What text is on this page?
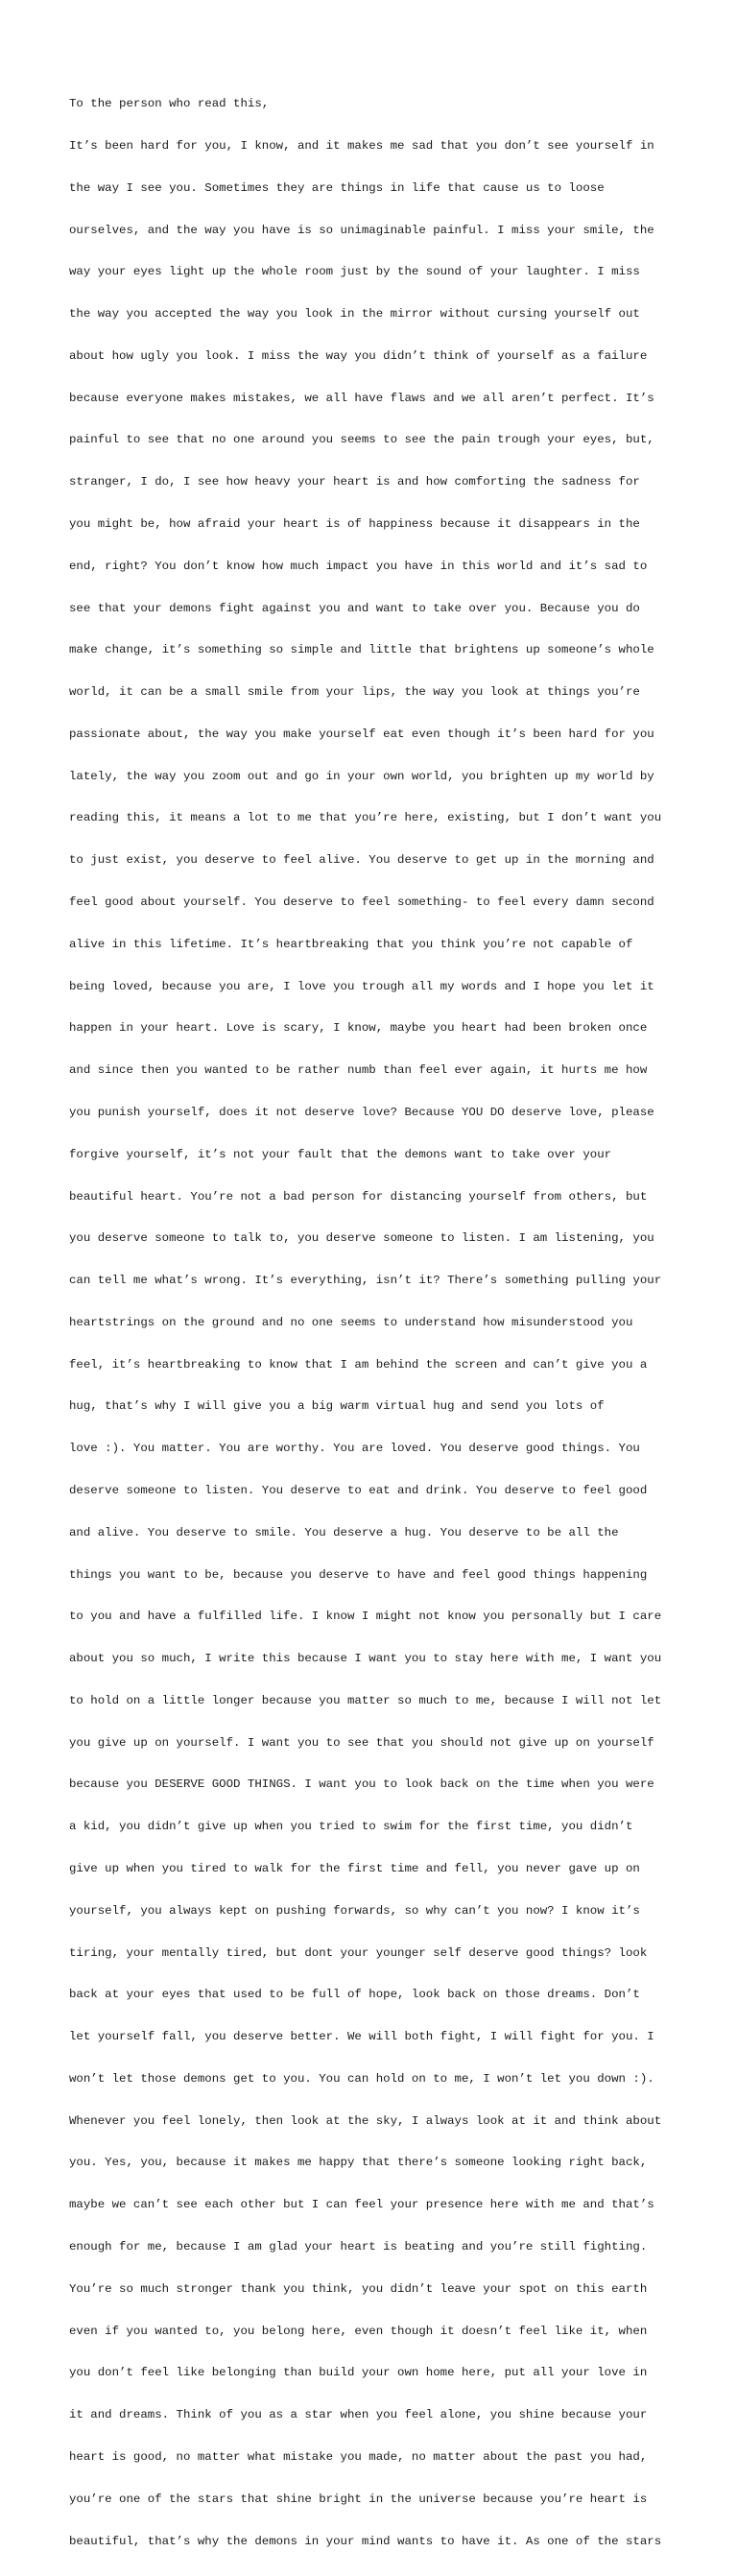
To the person who read this,

It’s been hard for you, I know, and it makes me sad that you don’t see yourself in

the way I see you. Sometimes they are things in life that cause us to loose

ourselves, and the way you have is so unimaginable painful. I miss your smile, the

way your eyes light up the whole room just by the sound of your laughter. I miss

the way you accepted the way you look in the mirror without cursing yourself out

about how ugly you look. I miss the way you didn’t think of yourself as a failure

because everyone makes mistakes, we all have flaws and we all aren’t perfect. It’s

painful to see that no one around you seems to see the pain trough your eyes, but,

stranger, I do, I see how heavy your heart is and how comforting the sadness for

you might be, how afraid your heart is of happiness because it disappears in the

end, right? You don’t know how much impact you have in this world and it’s sad to

see that your demons fight against you and want to take over you. Because you do

make change, it’s something so simple and little that brightens up someone’s whole

world, it can be a small smile from your lips, the way you look at things you’re

passionate about, the way you make yourself eat even though it’s been hard for you

lately, the way you zoom out and go in your own world, you brighten up my world by

reading this, it means a lot to me that you’re here, existing, but I don’t want you

to just exist, you deserve to feel alive. You deserve to get up in the morning and

feel good about yourself. You deserve to feel something- to feel every damn second

alive in this lifetime. It’s heartbreaking that you think you’re not capable of

being loved, because you are, I love you trough all my words and I hope you let it

happen in your heart. Love is scary, I know, maybe you heart had been broken once

and since then you wanted to be rather numb than feel ever again, it hurts me how

you punish yourself, does it not deserve love? Because YOU DO deserve love, please

forgive yourself, it’s not your fault that the demons want to take over your

beautiful heart. You’re not a bad person for distancing yourself from others, but

you deserve someone to talk to, you deserve someone to listen. I am listening, you

can tell me what’s wrong. It’s everything, isn’t it? There’s something pulling your

heartstrings on the ground and no one seems to understand how misunderstood you

feel, it’s heartbreaking to know that I am behind the screen and can’t give you a

hug, that’s why I will give you a big warm virtual hug and send you lots of

love :). You matter. You are worthy. You are loved. You deserve good things. You

deserve someone to listen. You deserve to eat and drink. You deserve to feel good

and alive. You deserve to smile. You deserve a hug. You deserve to be all the

things you want to be, because you deserve to have and feel good things happening

to you and have a fulfilled life. I know I might not know you personally but I care

about you so much, I write this because I want you to stay here with me, I want you

to hold on a little longer because you matter so much to me, because I will not let

you give up on yourself. I want you to see that you should not give up on yourself

because you DESERVE GOOD THINGS. I want you to look back on the time when you were

a kid, you didn’t give up when you tried to swim for the first time, you didn’t

give up when you tired to walk for the first time and fell, you never gave up on

yourself, you always kept on pushing forwards, so why can’t you now? I know it’s

tiring, your mentally tired, but dont your younger self deserve good things? look

back at your eyes that used to be full of hope, look back on those dreams. Don’t

let yourself fall, you deserve better. We will both fight, I will fight for you. I

won’t let those demons get to you. You can hold on to me, I won’t let you down :).

Whenever you feel lonely, then look at the sky, I always look at it and think about

you. Yes, you, because it makes me happy that there’s someone looking right back,

maybe we can’t see each other but I can feel your presence here with me and that’s

enough for me, because I am glad your heart is beating and you’re still fighting.

You’re so much stronger thank you think, you didn’t leave your spot on this earth

even if you wanted to, you belong here, even though it doesn’t feel like it, when

you don’t feel like belonging than build your own home here, put all your love in

it and dreams. Think of you as a star when you feel alone, you shine because your

heart is good, no matter what mistake you made, no matter about the past you had,

you’re one of the stars that shine bright in the universe because you’re heart is

beautiful, that’s why the demons in your mind wants to have it. As one of the stars
